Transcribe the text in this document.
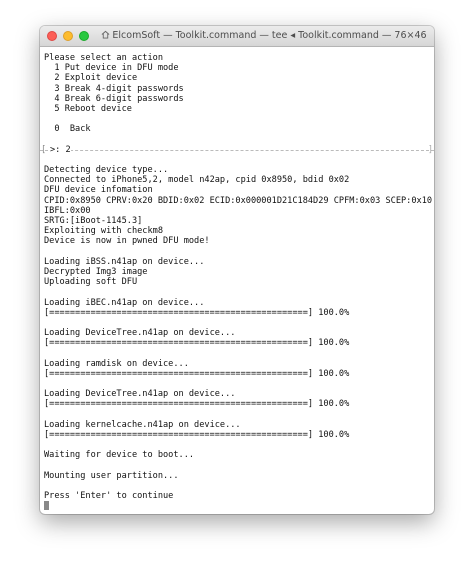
ElcomSoft — Toolkit.command — tee ◂ Toolkit.command — 76×46
Please select an action
1 Put device in DFU mode
2 Exploit device
3 Break 4-digit passwords
4 Break 6-digit passwords
5 Reboot device
0  Back

[

>: 2

	]

Detecting device type...
Connected to iPhone5,2, model n42ap, cpid 0x8950, bdid 0x02
DFU device infomation
CPID:0x8950 CPRV:0x20 BDID:0x02 ECID:0x000001D21C184D29 CPFM:0x03 SCEP:0x10
IBFL:0x00
SRTG:[iBoot-1145.3]
Exploiting with checkm8
Device is now in pwned DFU mode!
Loading iBSS.n41ap on device...
Decrypted Img3 image
Uploading soft DFU
Loading iBEC.n41ap on device...
[==================================================] 100.0%
Loading DeviceTree.n41ap on device...
[==================================================] 100.0%
Loading ramdisk on device...
[==================================================] 100.0%
Loading DeviceTree.n41ap on device...
[==================================================] 100.0%
Loading kernelcache.n41ap on device...
[==================================================] 100.0%
Waiting for device to boot...
Mounting user partition...
Press 'Enter' to continue
